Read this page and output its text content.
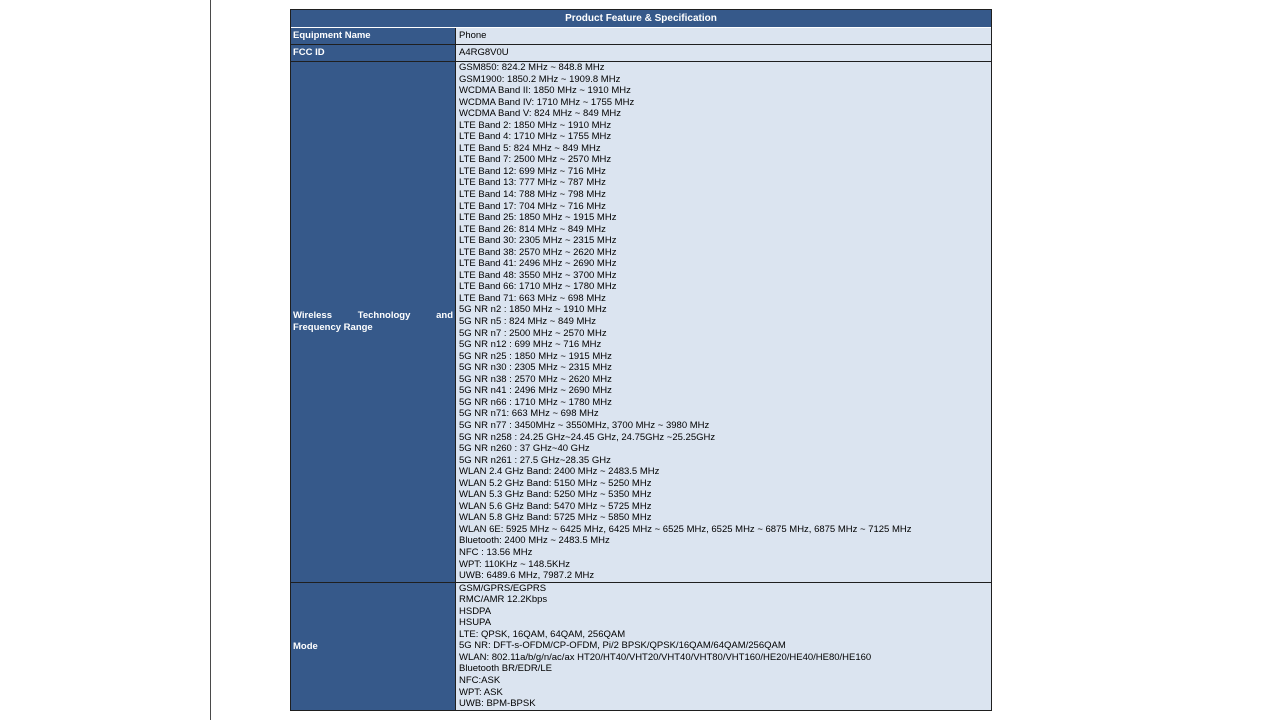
Product Feature & Specification
Equipment Name	Phone
FCC ID	A4RG8V0U
Wireless Technology and Frequency Range
GSM850: 824.2 MHz ~ 848.8 MHz
GSM1900: 1850.2 MHz ~ 1909.8 MHz
WCDMA Band II: 1850 MHz ~ 1910 MHz
WCDMA Band IV: 1710 MHz ~ 1755 MHz
WCDMA Band V: 824 MHz ~ 849 MHz
LTE Band 2: 1850 MHz ~ 1910 MHz
LTE Band 4: 1710 MHz ~ 1755 MHz
LTE Band 5: 824 MHz ~ 849 MHz
LTE Band 7: 2500 MHz ~ 2570 MHz
LTE Band 12: 699 MHz ~ 716 MHz
LTE Band 13: 777 MHz ~ 787 MHz
LTE Band 14: 788 MHz ~ 798 MHz
LTE Band 17: 704 MHz ~ 716 MHz
LTE Band 25: 1850 MHz ~ 1915 MHz
LTE Band 26: 814 MHz ~ 849 MHz
LTE Band 30: 2305 MHz ~ 2315 MHz
LTE Band 38: 2570 MHz ~ 2620 MHz
LTE Band 41: 2496 MHz ~ 2690 MHz
LTE Band 48: 3550 MHz ~ 3700 MHz
LTE Band 66: 1710 MHz ~ 1780 MHz
LTE Band 71: 663 MHz ~ 698 MHz
5G NR n2 : 1850 MHz ~ 1910 MHz
5G NR n5 : 824 MHz ~ 849 MHz
5G NR n7 : 2500 MHz ~ 2570 MHz
5G NR n12 : 699 MHz ~ 716 MHz
5G NR n25 : 1850 MHz ~ 1915 MHz
5G NR n30 : 2305 MHz ~ 2315 MHz
5G NR n38 : 2570 MHz ~ 2620 MHz
5G NR n41 : 2496 MHz ~ 2690 MHz
5G NR n66 : 1710 MHz ~ 1780 MHz
5G NR n71: 663 MHz ~ 698 MHz
5G NR n77 : 3450MHz ~ 3550MHz, 3700 MHz ~ 3980 MHz
5G NR n258 : 24.25 GHz~24.45 GHz, 24.75GHz ~25.25GHz
5G NR n260 : 37 GHz~40 GHz
5G NR n261 : 27.5 GHz~28.35 GHz
WLAN 2.4 GHz Band: 2400 MHz ~ 2483.5 MHz
WLAN 5.2 GHz Band: 5150 MHz ~ 5250 MHz
WLAN 5.3 GHz Band: 5250 MHz ~ 5350 MHz
WLAN 5.6 GHz Band: 5470 MHz ~ 5725 MHz
WLAN 5.8 GHz Band: 5725 MHz ~ 5850 MHz
WLAN 6E: 5925 MHz ~ 6425 MHz, 6425 MHz ~ 6525 MHz, 6525 MHz ~ 6875 MHz, 6875 MHz ~ 7125 MHz
Bluetooth: 2400 MHz ~ 2483.5 MHz
NFC : 13.56 MHz
WPT: 110KHz ~ 148.5KHz
UWB: 6489.6 MHz, 7987.2 MHz
Mode
GSM/GPRS/EGPRS
RMC/AMR 12.2Kbps
HSDPA
HSUPA
LTE: QPSK, 16QAM, 64QAM, 256QAM
5G NR: DFT-s-OFDM/CP-OFDM, Pi/2 BPSK/QPSK/16QAM/64QAM/256QAM
WLAN: 802.11a/b/g/n/ac/ax HT20/HT40/VHT20/VHT40/VHT80/VHT160/HE20/HE40/HE80/HE160
Bluetooth BR/EDR/LE
NFC:ASK
WPT: ASK
UWB: BPM-BPSK
